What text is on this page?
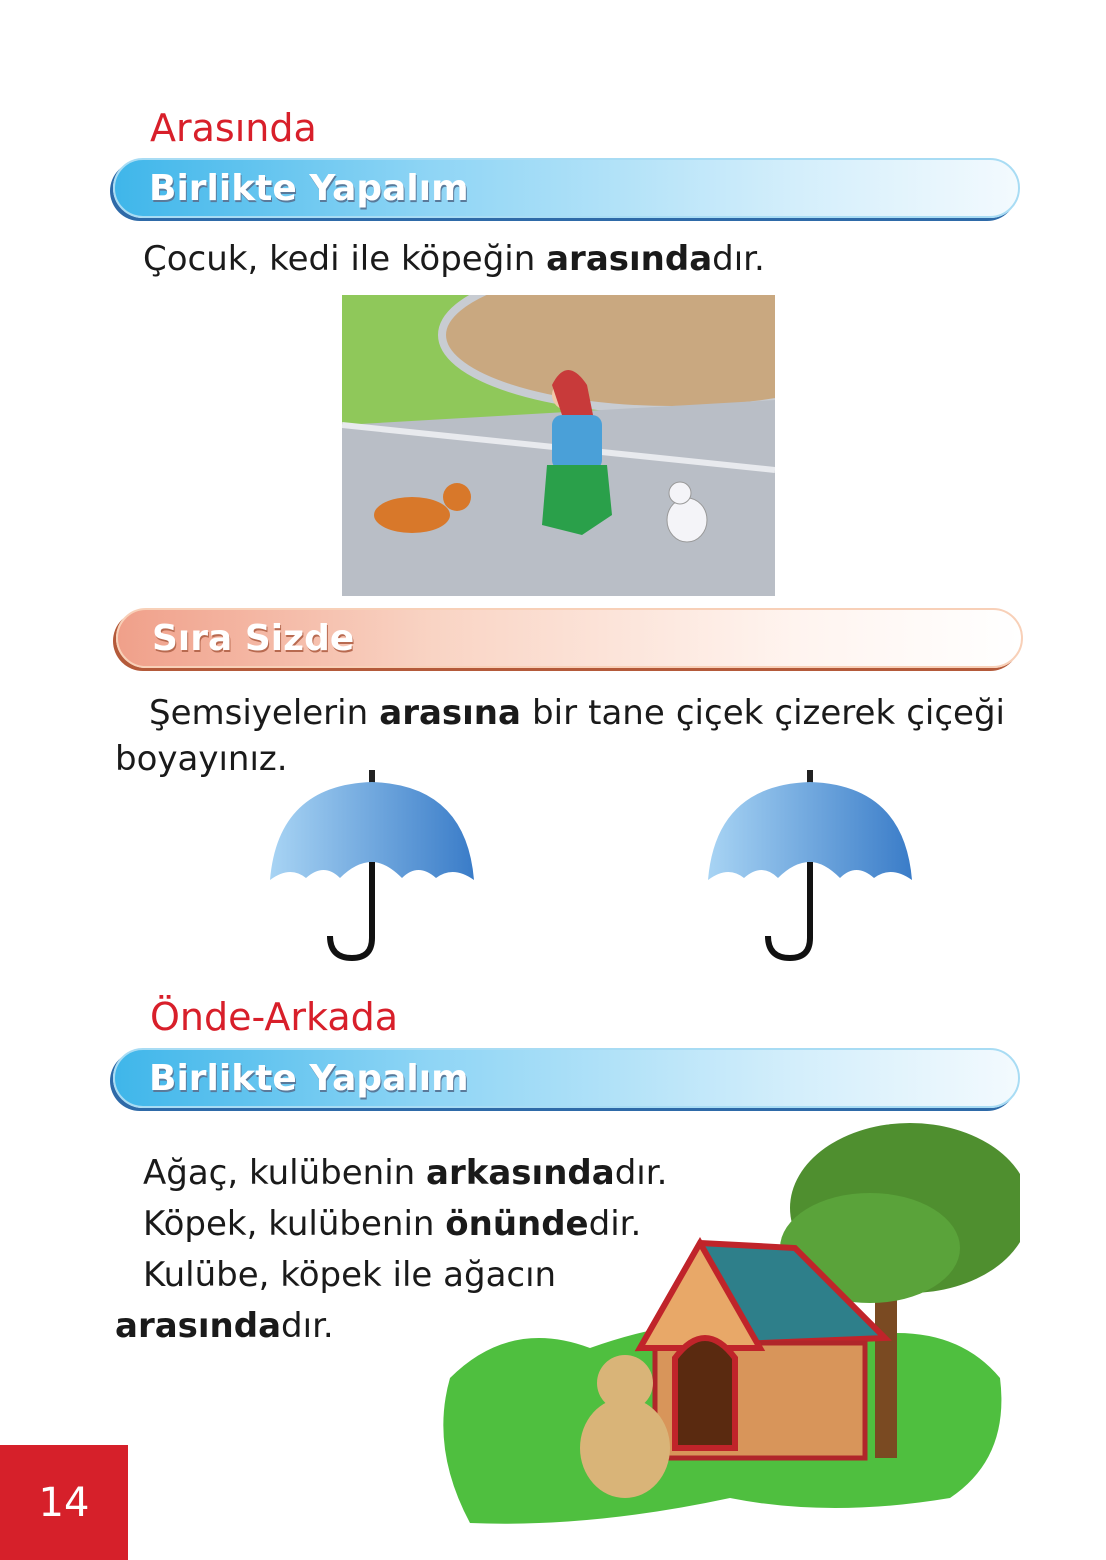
Arasında
Birlikte Yapalım
Çocuk, kedi ile köpeğin arasındadır.
Sıra Sizde
Şemsiyelerin arasına bir tane çiçek çizerek çiçeği boyayınız.
Önde-Arkada
Birlikte Yapalım
Ağaç, kulübenin arkasındadır.
Köpek, kulübenin önündedir.
Kulübe, köpek ile ağacın
arasındadır.
14
